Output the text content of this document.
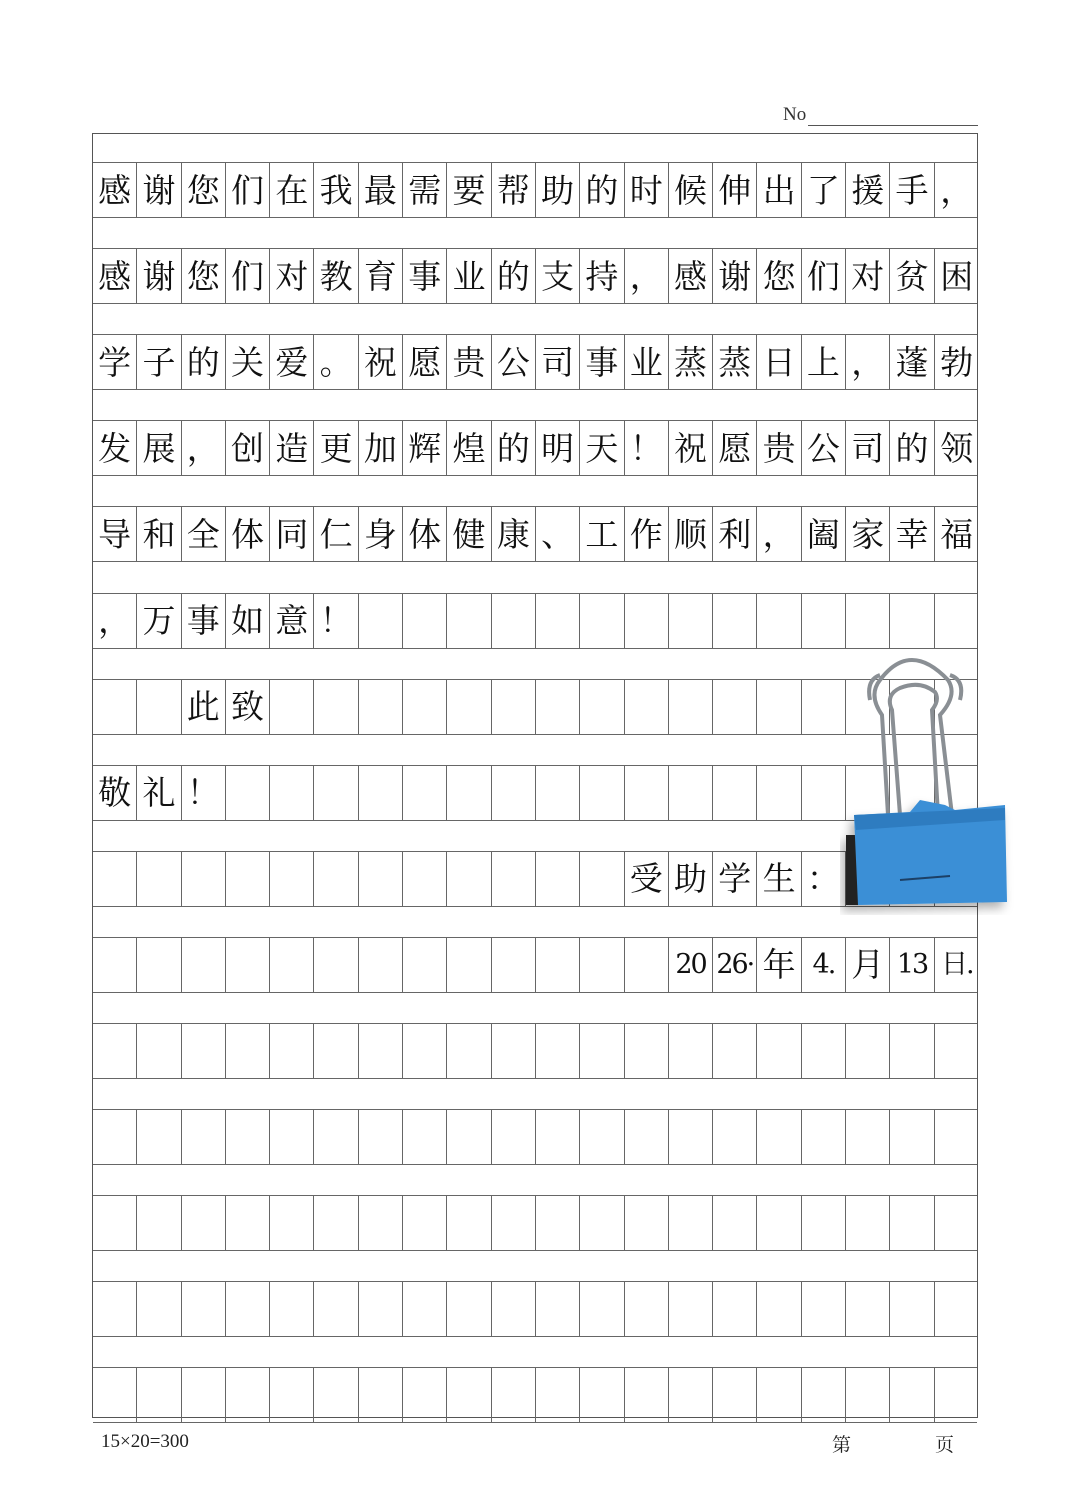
No
感 谢 您 们 在 我 最 需 要 帮 助 的 时 候 伸 出 了 援 手 ，
感 谢 您 们 对 教 育 事 业 的 支 持 ， 感 谢 您 们 对 贫 困
学 子 的 关 爱 。 祝 愿 贵 公 司 事 业 蒸 蒸 日 上 ， 蓬 勃
发 展 ， 创 造 更 加 辉 煌 的 明 天 ！ 祝 愿 贵 公 司 的 领
导 和 全 体 同 仁 身 体 健 康 、 工 作 顺 利 ， 阖 家 幸 福
， 万 事 如 意 ！
此 致
敬 礼 ！
受 助 学 生 ：
20 26· 年 4. 月 13 日.
15×20=300	第	页
